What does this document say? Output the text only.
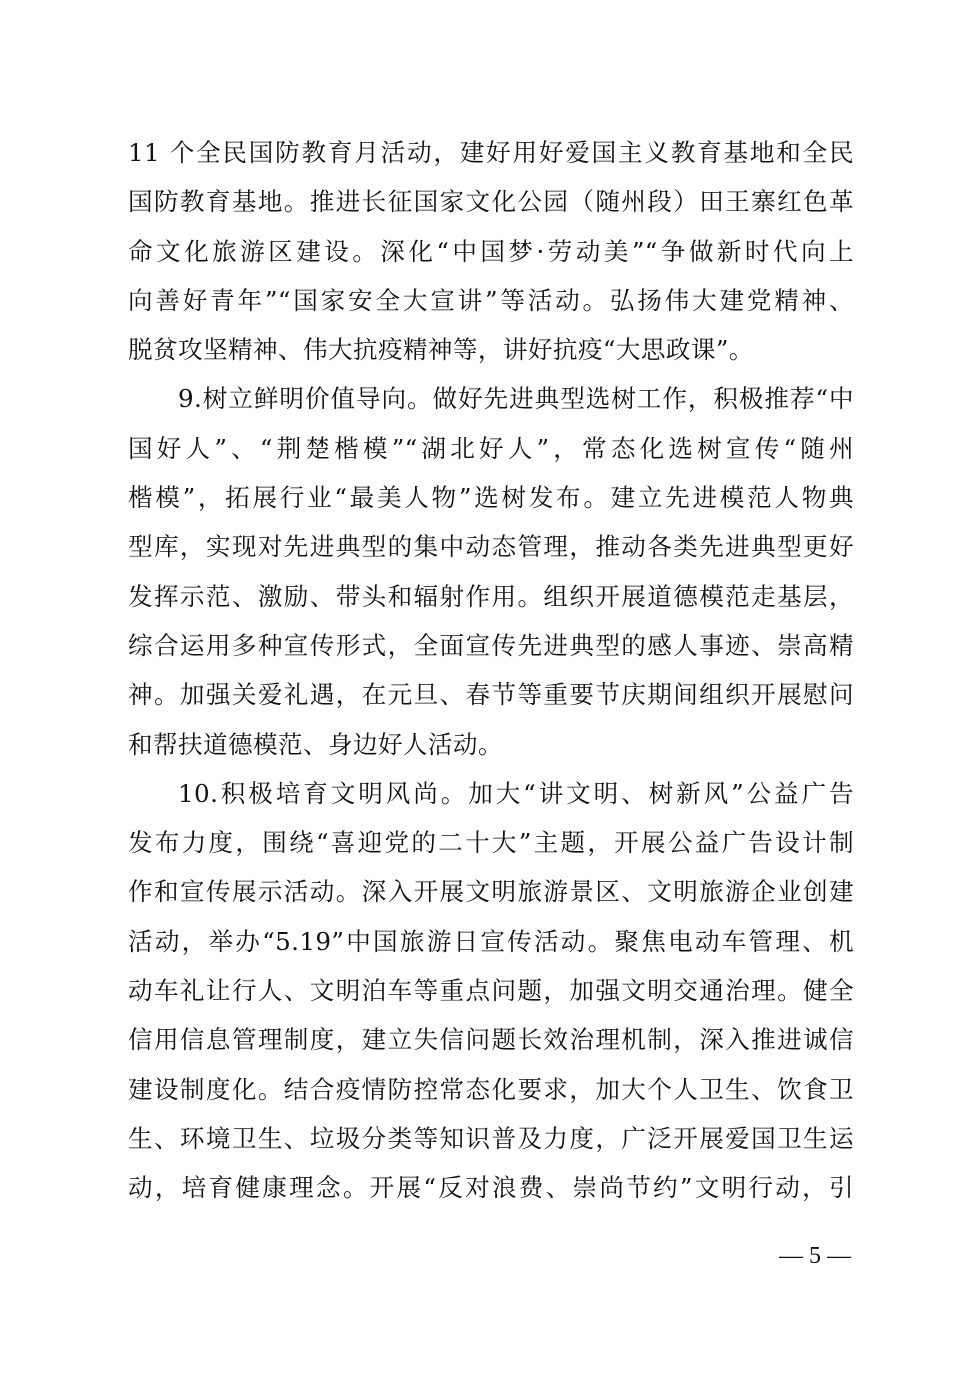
11 个全民国防教育月活动，建好用好爱国主义教育基地和全民
国防教育基地。推进长征国家文化公园（随州段）田王寨红色革
命文化旅游区建设。深化“中国梦·劳动美”“争做新时代向上
向善好青年”“国家安全大宣讲”等活动。弘扬伟大建党精神、
脱贫攻坚精神、伟大抗疫精神等，讲好抗疫“大思政课”。
9.树立鲜明价值导向。做好先进典型选树工作，积极推荐“中
国好人”、“荆楚楷模”“湖北好人”，常态化选树宣传“随州
楷模”，拓展行业“最美人物”选树发布。建立先进模范人物典
型库，实现对先进典型的集中动态管理，推动各类先进典型更好
发挥示范、激励、带头和辐射作用。组织开展道德模范走基层，
综合运用多种宣传形式，全面宣传先进典型的感人事迹、崇高精
神。加强关爱礼遇，在元旦、春节等重要节庆期间组织开展慰问
和帮扶道德模范、身边好人活动。
10.积极培育文明风尚。加大“讲文明、树新风”公益广告
发布力度，围绕“喜迎党的二十大”主题，开展公益广告设计制
作和宣传展示活动。深入开展文明旅游景区、文明旅游企业创建
活动，举办“5.19”中国旅游日宣传活动。聚焦电动车管理、机
动车礼让行人、文明泊车等重点问题，加强文明交通治理。健全
信用信息管理制度，建立失信问题长效治理机制，深入推进诚信
建设制度化。结合疫情防控常态化要求，加大个人卫生、饮食卫
生、环境卫生、垃圾分类等知识普及力度，广泛开展爱国卫生运
动，培育健康理念。开展“反对浪费、崇尚节约”文明行动，引
— 5 —
